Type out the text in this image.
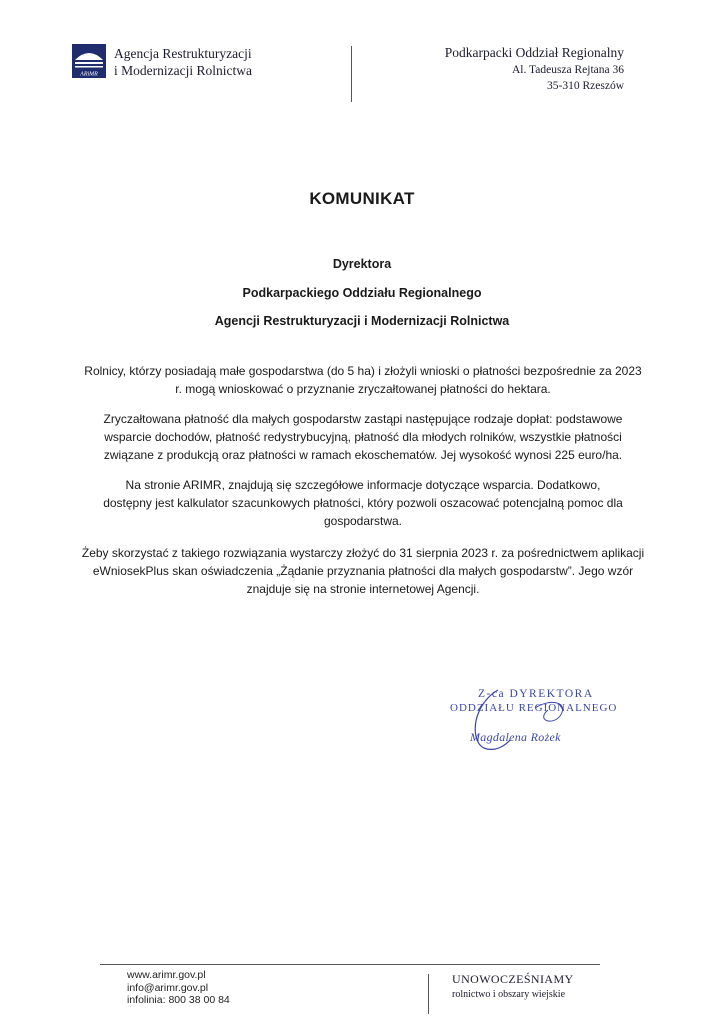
ARiMR
Agencja Restrukturyzacji
i Modernizacji Rolnictwa
Podkarpacki Oddział Regionalny
Al. Tadeusza Rejtana 36
35-310 Rzeszów
KOMUNIKAT
Dyrektora
Podkarpackiego Oddziału Regionalnego
Agencji Restrukturyzacji i Modernizacji Rolnictwa
Rolnicy, którzy posiadają małe gospodarstwa (do 5 ha) i złożyli wnioski o płatności bezpośrednie za 2023 r. mogą wnioskować o przyznanie zryczałtowanej płatności do hektara.
Zryczałtowana płatność dla małych gospodarstw zastąpi następujące rodzaje dopłat: podstawowe wsparcie dochodów, płatność redystrybucyjną, płatność dla młodych rolników, wszystkie płatności związane z produkcją oraz płatności w ramach ekoschematów. Jej wysokość wynosi 225 euro/ha.
Na stronie ARIMR, znajdują się szczegółowe informacje dotyczące wsparcia. Dodatkowo, dostępny jest kalkulator szacunkowych płatności, który pozwoli oszacować potencjalną pomoc dla gospodarstwa.
Żeby skorzystać z takiego rozwiązania wystarczy złożyć do 31 sierpnia 2023 r. za pośrednictwem aplikacji eWniosekPlus skan oświadczenia „Żądanie przyznania płatności dla małych gospodarstw”. Jego wzór znajduje się na stronie internetowej Agencji.
Z-ca DYREKTORA
ODDZIAŁU REGIONALNEGO
Magdalena Rożek
www.arimr.gov.pl
info@arimr.gov.pl
infolinia: 800 38 00 84
UNOWOCZEŚNIAMY
rolnictwo i obszary wiejskie
